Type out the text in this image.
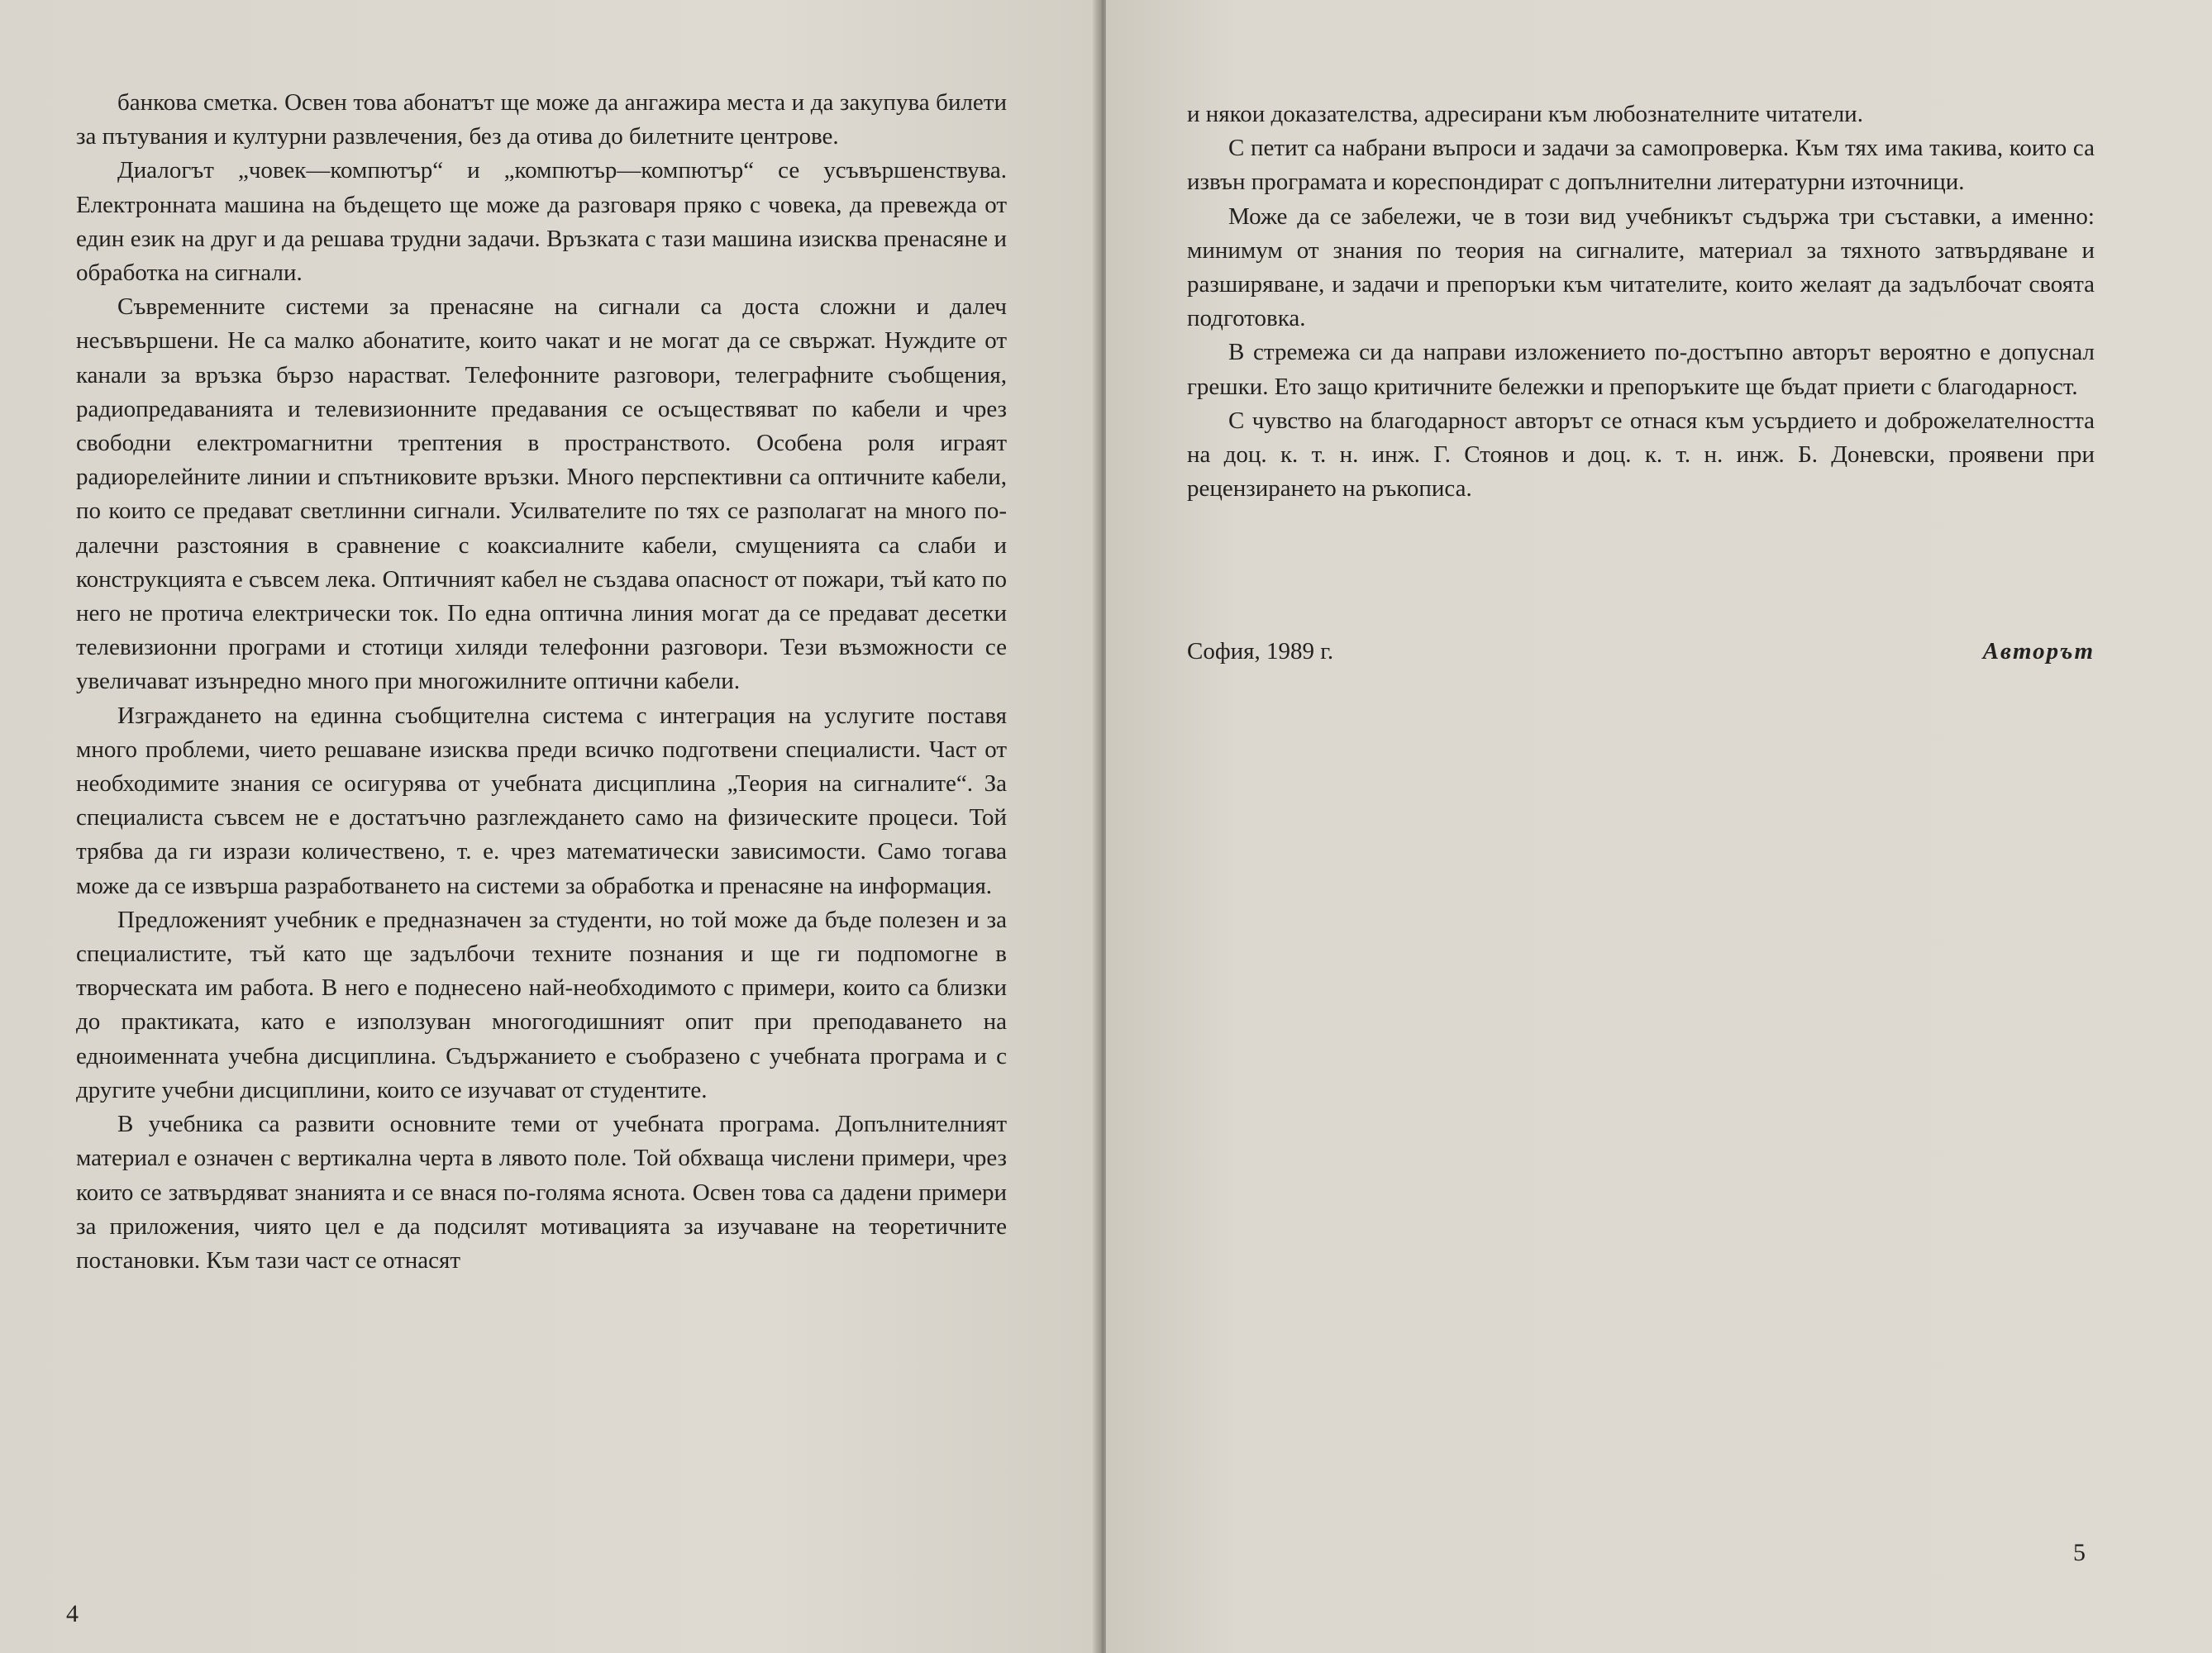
банкова сметка. Освен това абонатът ще може да ангажира места и да закупува билети за пътувания и културни развлечения, без да отива до билетните центрове.

Диалогът „човек—компютър“ и „компютър—компютър“ се усъвършенствува. Електронната машина на бъдещето ще може да разговаря пряко с човека, да превежда от един език на друг и да решава трудни задачи. Връзката с тази машина изисква пренасяне и обработка на сигнали.

Съвременните системи за пренасяне на сигнали са доста сложни и далеч несъвършени. Не са малко абонатите, които чакат и не могат да се свържат. Нуждите от канали за връзка бързо нарастват. Телефонните разговори, телеграфните съобщения, радиопредаванията и телевизионните предавания се осъществяват по кабели и чрез свободни електромагнитни трептения в пространството. Особена роля играят радиорелейните линии и спътниковите връзки. Много перспективни са оптичните кабели, по които се предават светлинни сигнали. Усилвателите по тях се разполагат на много по-далечни разстояния в сравнение с коаксиалните кабели, смущенията са слаби и конструкцията е съвсем лека. Оптичният кабел не създава опасност от пожари, тъй като по него не протича електрически ток. По една оптична линия могат да се предават десетки телевизионни програми и стотици хиляди телефонни разговори. Тези възможности се увеличават изънредно много при многожилните оптични кабели.

Изграждането на единна съобщителна система с интеграция на услугите поставя много проблеми, чието решаване изисква преди всичко подготвени специалисти. Част от необходимите знания се осигурява от учебната дисциплина „Теория на сигналите“. За специалиста съвсем не е достатъчно разглеждането само на физическите процеси. Той трябва да ги изрази количествено, т. е. чрез математически зависимости. Само тогава може да се извърша разработването на системи за обработка и пренасяне на информация.

Предложеният учебник е предназначен за студенти, но той може да бъде полезен и за специалистите, тъй като ще задълбочи техните познания и ще ги подпомогне в творческата им работа. В него е поднесено най-необходимото с примери, които са близки до практиката, като е използуван многогодишният опит при преподаването на едноименната учебна дисциплина. Съдържанието е съобразено с учебната програма и с другите учебни дисциплини, които се изучават от студентите.

В учебника са развити основните теми от учебната програма. Допълнителният материал е означен с вертикална черта в лявото поле. Той обхваща числени примери, чрез които се затвърдяват знанията и се внася по-голяма яснота. Освен това са дадени примери за приложения, чиято цел е да подсилят мотивацията за изучаване на теоретичните постановки. Към тази част се отнасят

4

и някои доказателства, адресирани към любознателните читатели.

С петит са набрани въпроси и задачи за самопроверка. Към тях има такива, които са извън програмата и кореспондират с допълнителни литературни източници.

Може да се забележи, че в този вид учебникът съдържа три съставки, а именно: минимум от знания по теория на сигналите, материал за тяхното затвърдяване и разширяване, и задачи и препоръки към читателите, които желаят да задълбочат своята подготовка.

В стремежа си да направи изложението по-достъпно авторът вероятно е допуснал грешки. Ето защо критичните бележки и препоръките ще бъдат приети с благодарност.

С чувство на благодарност авторът се отнася към усърдието и доброжелателността на доц. к. т. н. инж. Г. Стоянов и доц. к. т. н. инж. Б. Доневски, проявени при рецензирането на ръкописа.

София, 1989 г.	Авторът
5
